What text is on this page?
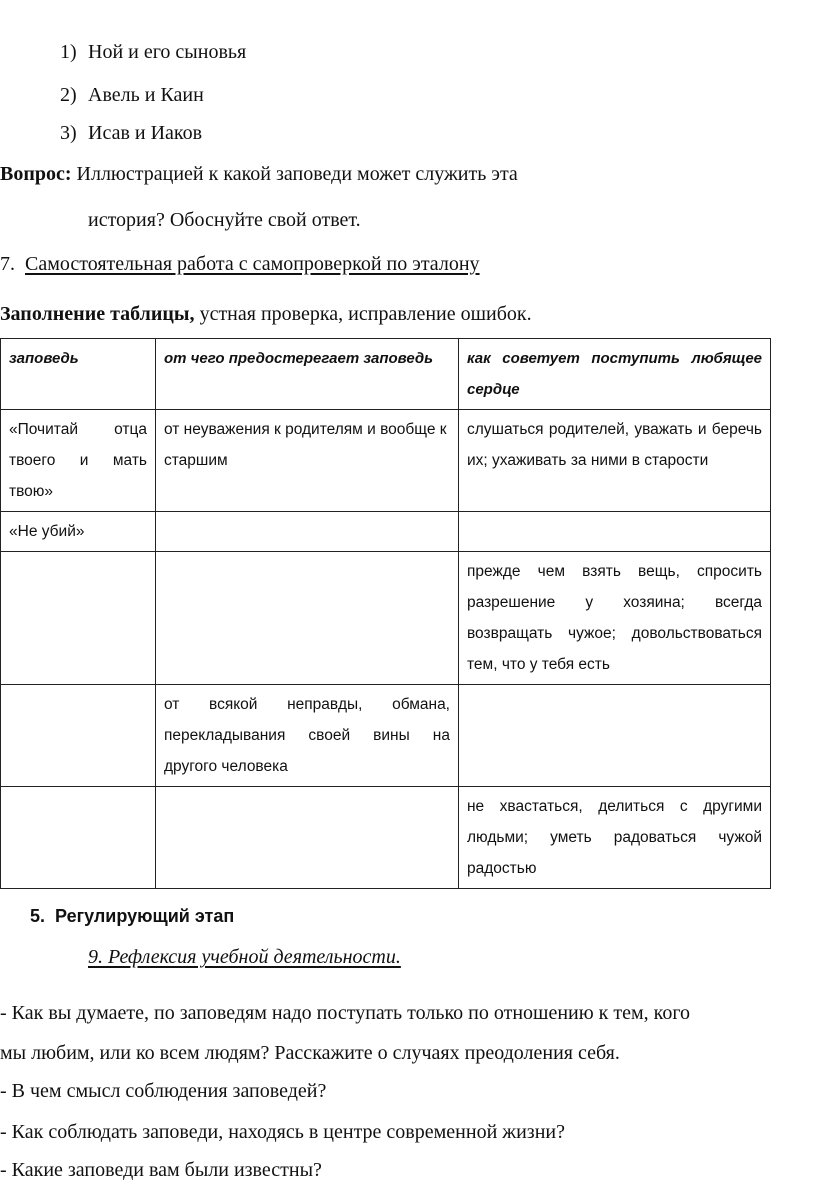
1) Ной и его сыновья
2) Авель и Каин
3) Исав и Иаков
Вопрос: Иллюстрацией к какой заповеди может служить эта
история? Обоснуйте свой ответ.
7. Самостоятельная работа с самопроверкой по эталону
Заполнение таблицы, устная проверка, исправление ошибок.
заповедь	от чего предостерегает заповедь	как советует поступить любящее сердце
«Почитай отца твоего и мать твою»	от неуважения к родителям и вообще к старшим	слушаться родителей, уважать и беречь их; ухаживать за ними в старости
«Не убий»		
		прежде чем взять вещь, спросить разрешение у хозяина; всегда возвращать чужое; довольствоваться тем, что у тебя есть
	от всякой неправды, обмана, перекладывания своей вины на другого человека	
		не хвастаться, делиться с другими людьми; уметь радоваться чужой радостью
5. Регулирующий этап
9. Рефлексия учебной деятельности.
- Как вы думаете, по заповедям надо поступать только по отношению к тем, кого
мы любим, или ко всем людям? Расскажите о случаях преодоления себя.
- В чем смысл соблюдения заповедей?
- Как соблюдать заповеди, находясь в центре современной жизни?
- Какие заповеди вам были известны?
